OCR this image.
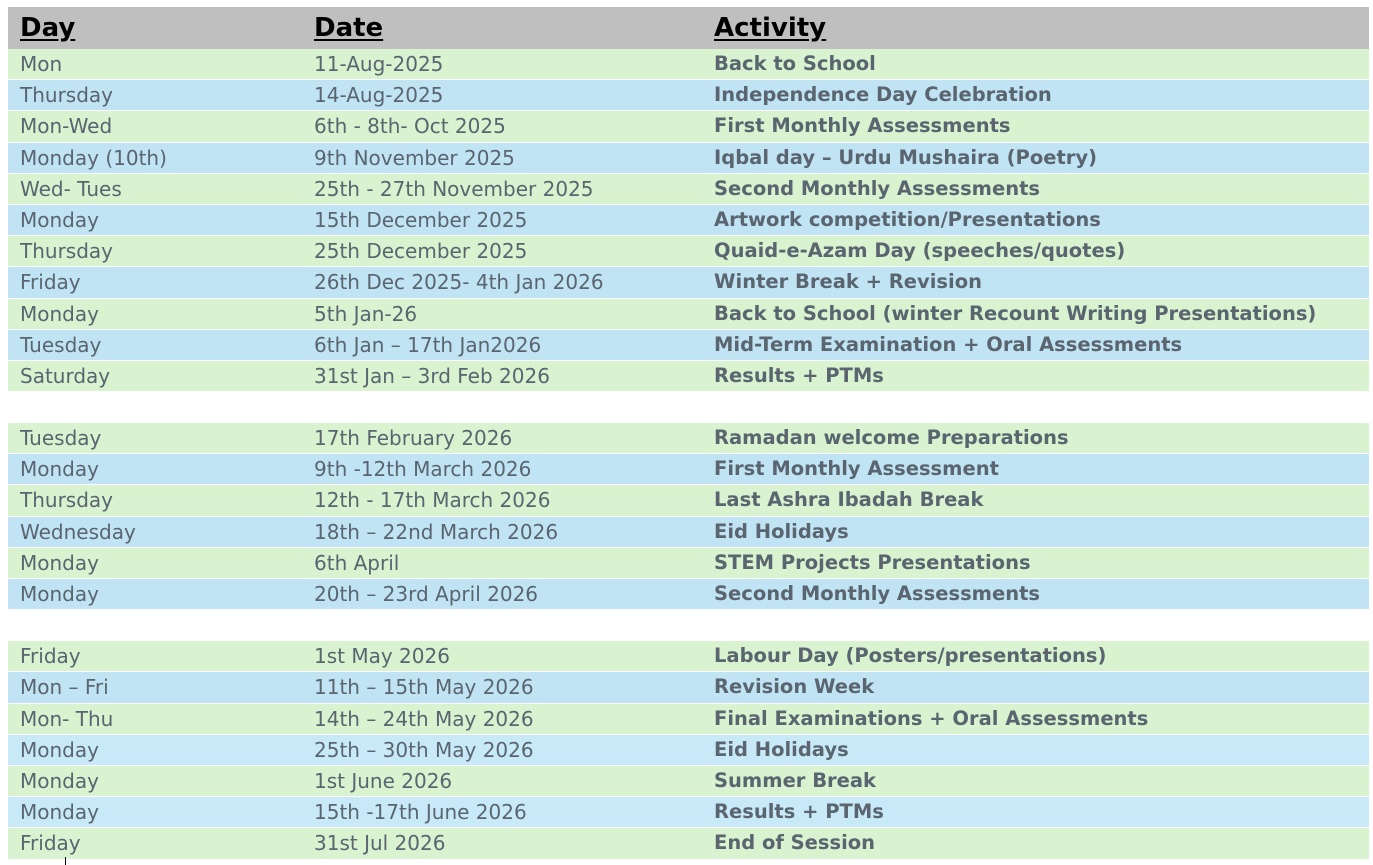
Day	Date	Activity
Mon	11-Aug-2025	Back to School
Thursday	14-Aug-2025	Independence Day Celebration
Mon-Wed	6th - 8th- Oct 2025	First Monthly Assessments
Monday (10th)	9th November 2025	Iqbal day – Urdu Mushaira (Poetry)
Wed- Tues	25th - 27th November 2025	Second Monthly Assessments
Monday	15th December 2025	Artwork competition/Presentations
Thursday	25th December 2025	Quaid-e-Azam Day (speeches/quotes)
Friday	26th Dec 2025- 4th Jan 2026	Winter Break + Revision
Monday	5th Jan-26	Back to School (winter Recount Writing Presentations)
Tuesday	6th Jan – 17th Jan2026	Mid-Term Examination + Oral Assessments
Saturday	31st Jan – 3rd Feb 2026	Results + PTMs
Tuesday	17th February 2026	Ramadan welcome Preparations
Monday	9th -12th March 2026	First Monthly Assessment
Thursday	12th - 17th March 2026	Last Ashra Ibadah Break
Wednesday	18th – 22nd March 2026	Eid Holidays
Monday	6th April	STEM Projects Presentations
Monday	20th – 23rd April 2026	Second Monthly Assessments
Friday	1st May 2026	Labour Day (Posters/presentations)
Mon – Fri	11th – 15th May 2026	Revision Week
Mon- Thu	14th – 24th May 2026	Final Examinations + Oral Assessments
Monday	25th – 30th May 2026	Eid Holidays
Monday	1st June 2026	Summer Break
Monday	15th -17th June 2026	Results + PTMs
Friday	31st Jul 2026	End of Session
